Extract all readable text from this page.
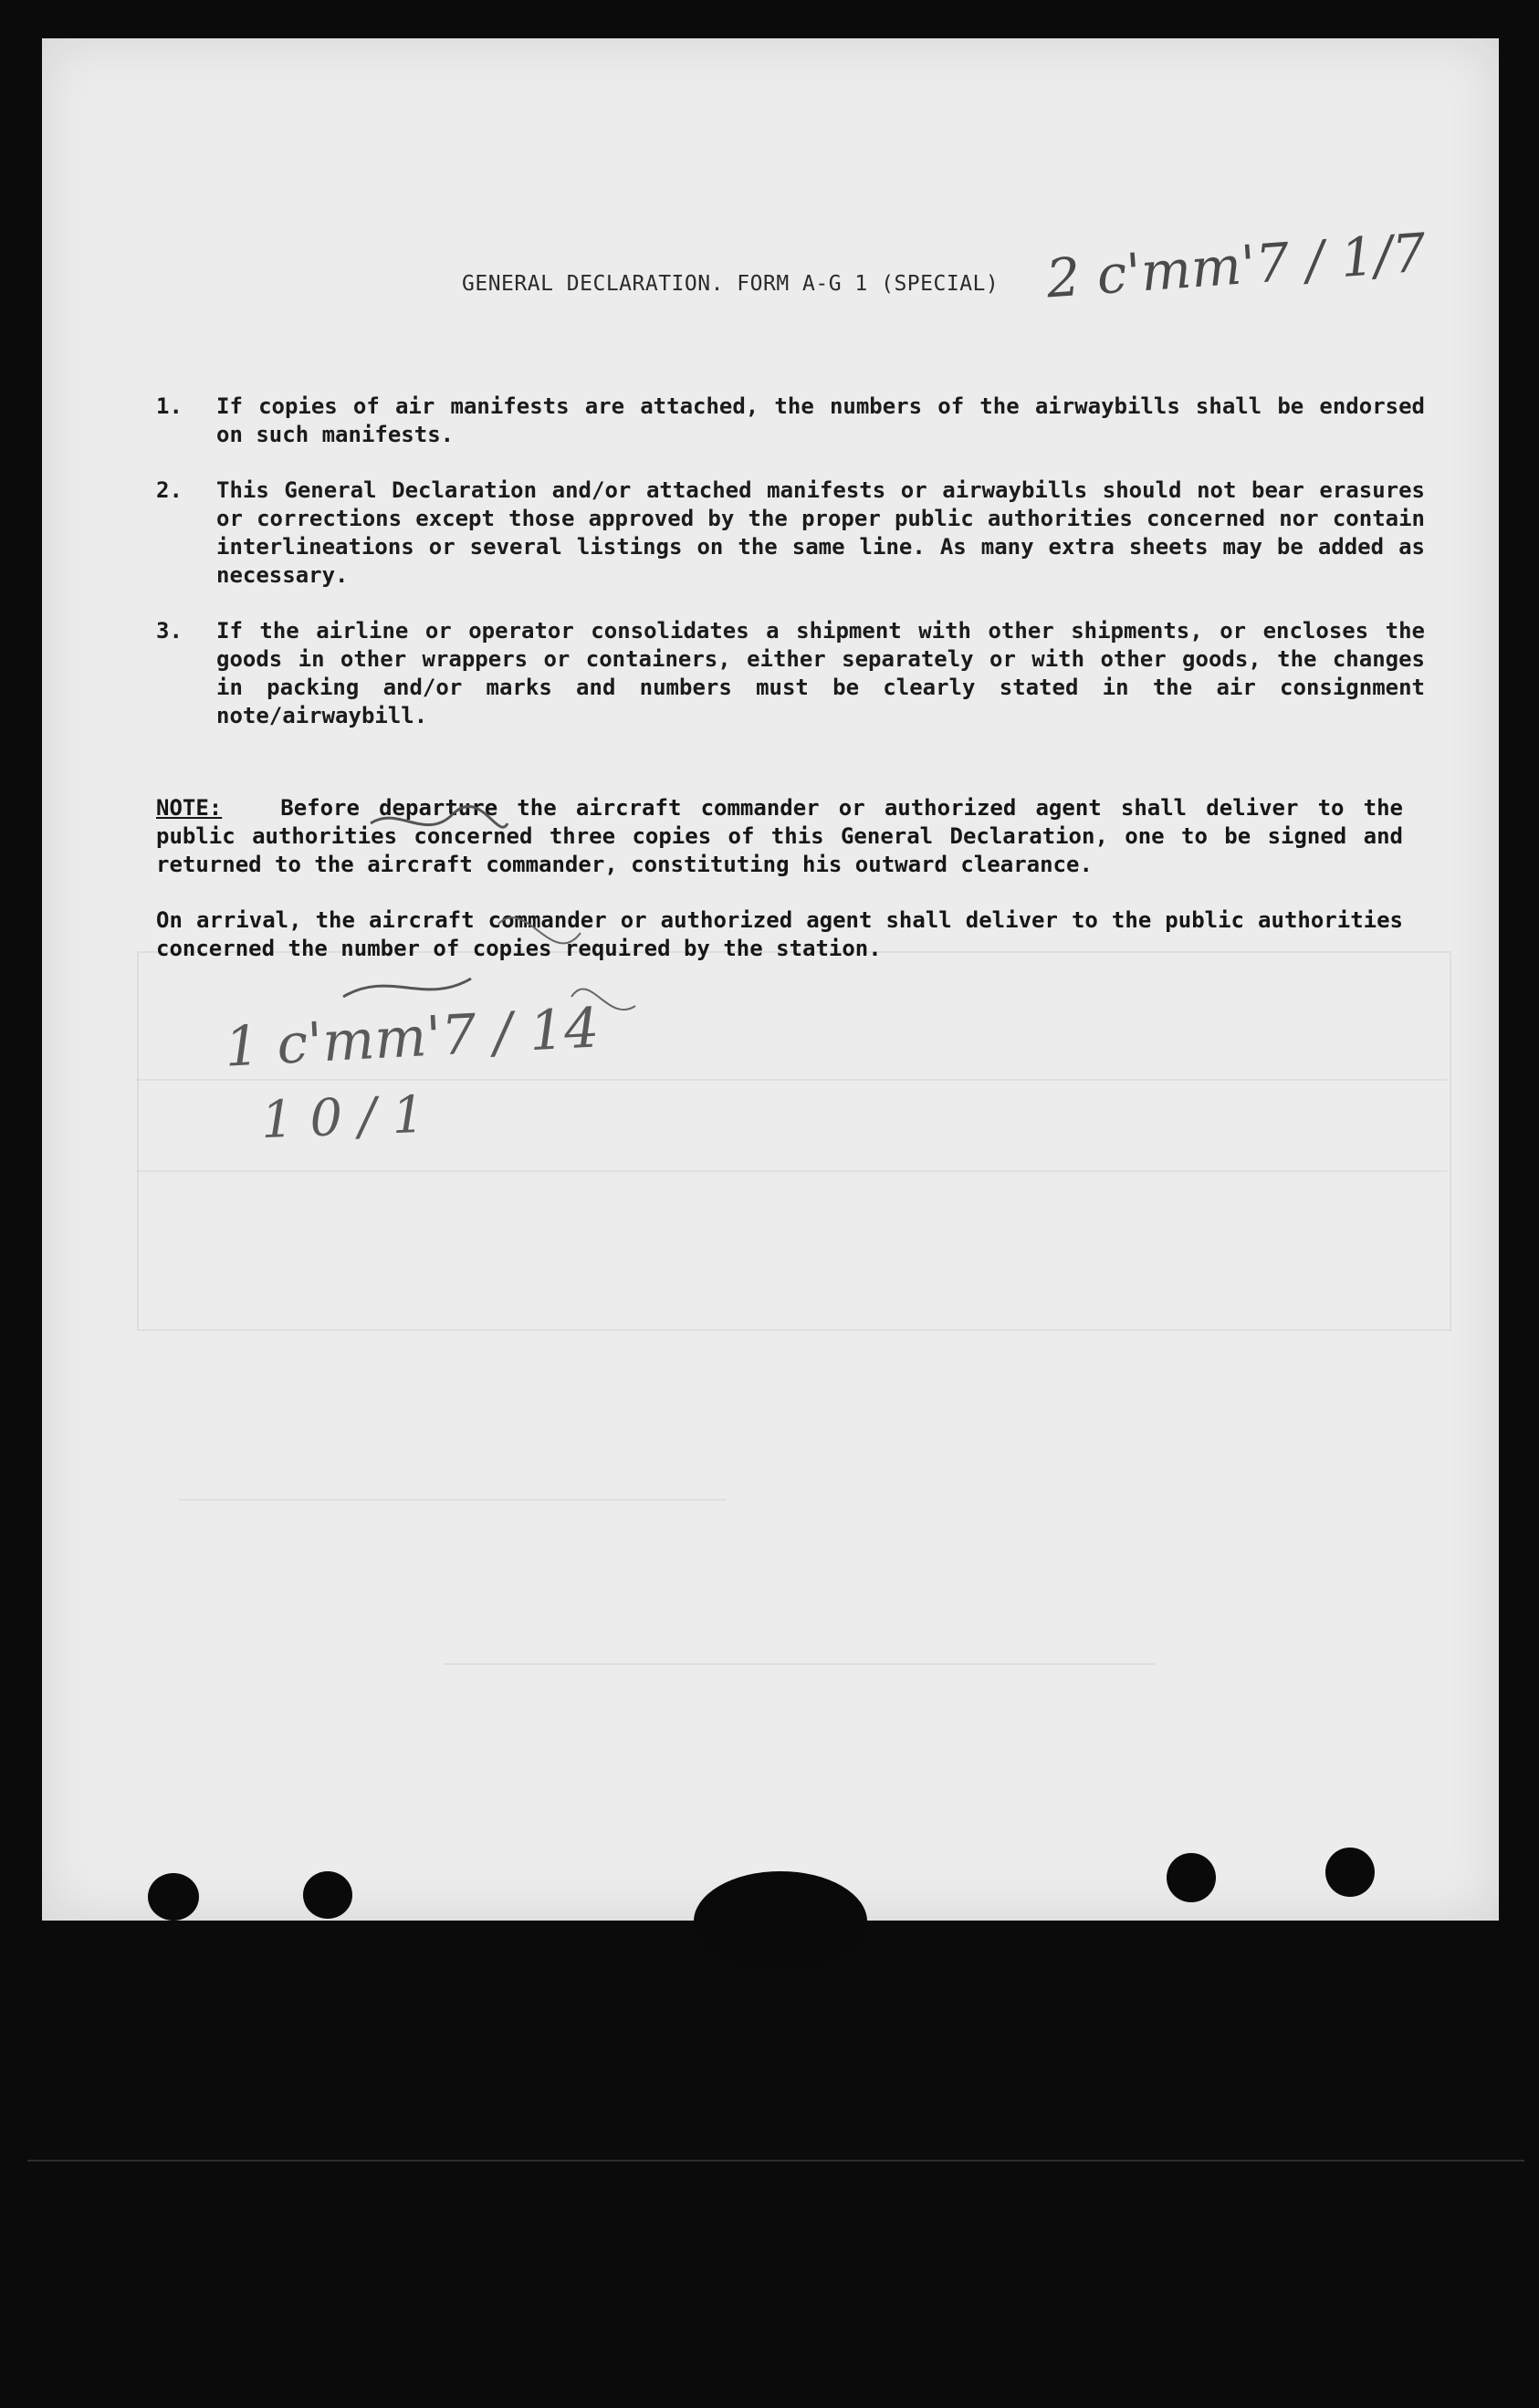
GENERAL DECLARATION. FORM A-G 1 (SPECIAL) 2 c'mm'7 / 1/7
1. If copies of air manifests are attached, the numbers of the airwaybills shall be endorsed on such manifests.
2. This General Declaration and/or attached manifests or airwaybills should not bear erasures or corrections except those approved by the proper public authorities concerned nor contain interlineations or several listings on the same line. As many extra sheets may be added as necessary.
3. If the airline or operator consolidates a shipment with other shipments, or encloses the goods in other wrappers or containers, either separately or with other goods, the changes in packing and/or marks and numbers must be clearly stated in the air consignment note/airwaybill.

NOTE:	Before departure the aircraft commander or authorized agent shall deliver to the public authorities concerned three copies of this General Declaration, one to be signed and returned to the aircraft commander, constituting his outward clearance.

On arrival, the aircraft commander or authorized agent shall deliver to the public authorities concerned the number of copies required by the station.

1 c'mm'7 / 14
1 0 / 1
